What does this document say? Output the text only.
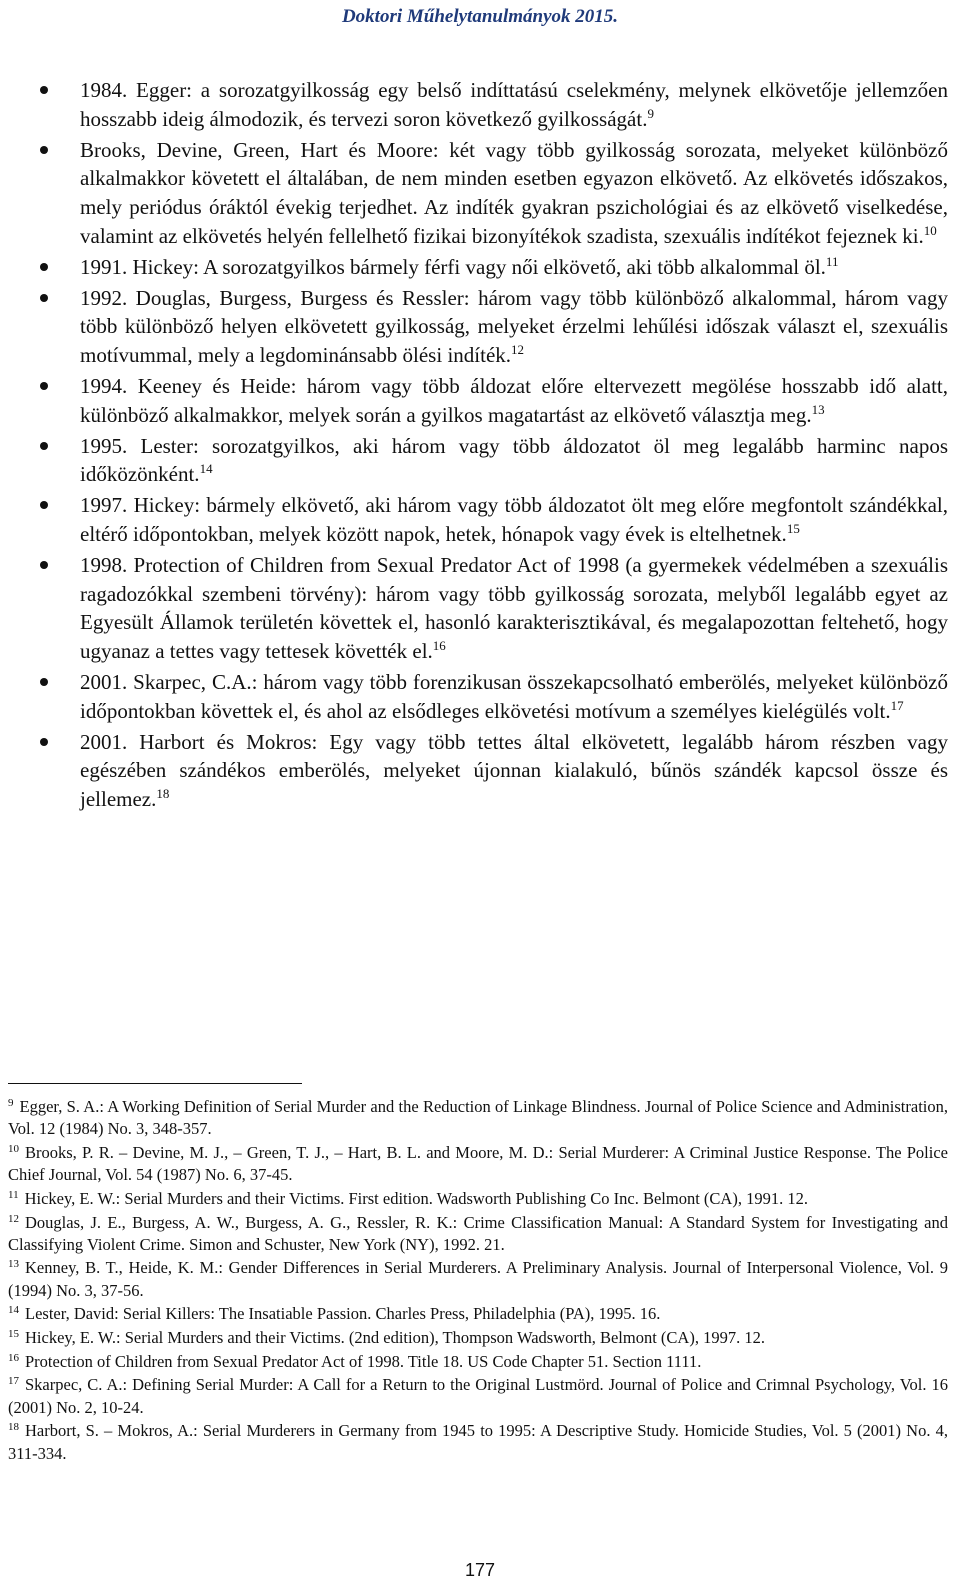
Doktori Műhelytanulmányok 2015.
1984. Egger: a sorozatgyilkosság egy belső indíttatású cselekmény, melynek elkövetője jellemzően hosszabb ideig álmodozik, és tervezi soron következő gyilkosságát.$^9$
Brooks, Devine, Green, Hart és Moore: két vagy több gyilkosság sorozata, melyeket különböző alkalmakkor követett el általában, de nem minden esetben egyazon elkövető. Az elkövetés időszakos, mely periódus óráktól évekig terjedhet. Az indíték gyakran pszichológiai és az elkövető viselkedése, valamint az elkövetés helyén fellelhető fizikai bizonyítékok szadista, szexuális indítékot fejeznek ki.$^{10}$
1991. Hickey: A sorozatgyilkos bármely férfi vagy női elkövető, aki több alkalommal öl.$^{11}$
1992. Douglas, Burgess, Burgess és Ressler: három vagy több különböző alkalommal, három vagy több különböző helyen elkövetett gyilkosság, melyeket érzelmi lehűlési időszak választ el, szexuális motívummal, mely a legdominánsabb ölési indíték.$^{12}$
1994. Keeney és Heide: három vagy több áldozat előre eltervezett megölése hosszabb idő alatt, különböző alkalmakkor, melyek során a gyilkos magatartást az elkövető választja meg.$^{13}$
1995. Lester: sorozatgyilkos, aki három vagy több áldozatot öl meg legalább harminc napos időközönként.$^{14}$
1997. Hickey: bármely elkövető, aki három vagy több áldozatot ölt meg előre megfontolt szándékkal, eltérő időpontokban, melyek között napok, hetek, hónapok vagy évek is eltelhetnek.$^{15}$
1998. Protection of Children from Sexual Predator Act of 1998 (a gyermekek védelmében a szexuális ragadozókkal szembeni törvény): három vagy több gyilkosság sorozata, melyből legalább egyet az Egyesült Államok területén követtek el, hasonló karakterisztikával, és megalapozottan feltehető, hogy ugyanaz a tettes vagy tettesek követték el.$^{16}$
2001. Skarpec, C.A.: három vagy több forenzikusan összekapcsolható emberölés, melyeket különböző időpontokban követtek el, és ahol az elsődleges elkövetési motívum a személyes kielégülés volt.$^{17}$
2001. Harbort és Mokros: Egy vagy több tettes által elkövetett, legalább három részben vagy egészében szándékos emberölés, melyeket újonnan kialakuló, bűnös szándék kapcsol össze és jellemez.$^{18}$
$^9$ Egger, S. A.: A Working Definition of Serial Murder and the Reduction of Linkage Blindness. Journal of Police Science and Administration, Vol. 12 (1984) No. 3, 348-357.
$^{10}$ Brooks, P. R. – Devine, M. J., – Green, T. J., – Hart, B. L. and Moore, M. D.: Serial Murderer: A Criminal Justice Response. The Police Chief Journal, Vol. 54 (1987) No. 6, 37-45.
$^{11}$ Hickey, E. W.: Serial Murders and their Victims. First edition. Wadsworth Publishing Co Inc. Belmont (CA), 1991. 12.
$^{12}$ Douglas, J. E., Burgess, A. W., Burgess, A. G., Ressler, R. K.: Crime Classification Manual: A Standard System for Investigating and Classifying Violent Crime. Simon and Schuster, New York (NY), 1992. 21.
$^{13}$ Kenney, B. T., Heide, K. M.: Gender Differences in Serial Murderers. A Preliminary Analysis. Journal of Interpersonal Violence, Vol. 9 (1994) No. 3, 37-56.
$^{14}$ Lester, David: Serial Killers: The Insatiable Passion. Charles Press, Philadelphia (PA), 1995. 16.
$^{15}$ Hickey, E. W.: Serial Murders and their Victims. (2nd edition), Thompson Wadsworth, Belmont (CA), 1997. 12.
$^{16}$ Protection of Children from Sexual Predator Act of 1998. Title 18. US Code Chapter 51. Section 1111.
$^{17}$ Skarpec, C. A.: Defining Serial Murder: A Call for a Return to the Original Lustmörd. Journal of Police and Crimnal Psychology, Vol. 16 (2001) No. 2, 10-24.
$^{18}$ Harbort, S. – Mokros, A.: Serial Murderers in Germany from 1945 to 1995: A Descriptive Study. Homicide Studies, Vol. 5 (2001) No. 4, 311-334.
177
